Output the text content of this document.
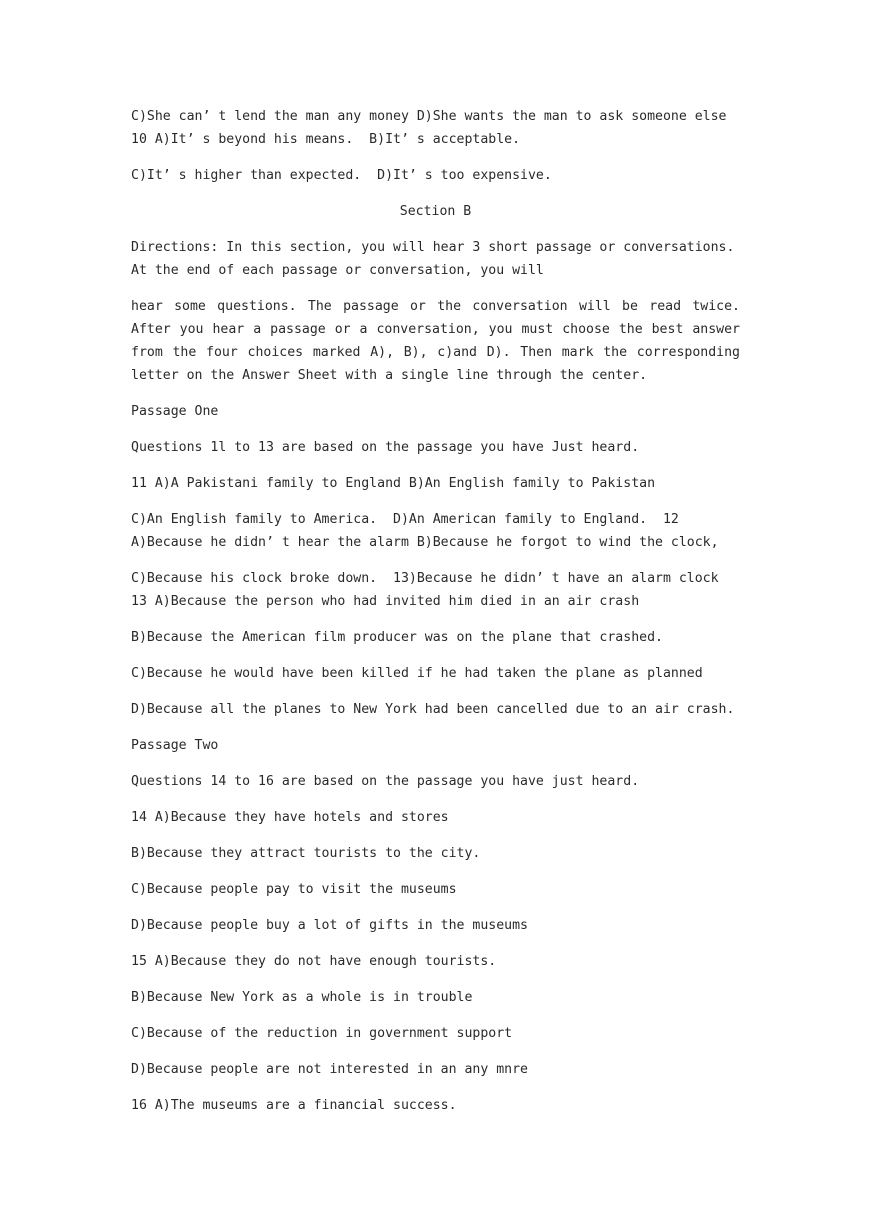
C)She can’ t lend the man any money D)She wants the man to ask someone else 10 A)It’ s beyond his means.  B)It’ s acceptable.

C)It’ s higher than expected.  D)It’ s too expensive.

Section B

Directions: In this section, you will hear 3 short passage or conversations. At the end of each passage or conversation, you will

hear some questions. The passage or the conversation will be read twice. After you hear a passage or a conversation, you must choose the best answer from the four choices marked A), B), c)and D). Then mark the corresponding letter on the Answer Sheet with a single line through the center.

Passage One

Questions 1l to 13 are based on the passage you have Just heard.

11 A)A Pakistani family to England B)An English family to Pakistan

C)An English family to America.  D)An American family to England.  12 A)Because he didn’ t hear the alarm B)Because he forgot to wind the clock,

C)Because his clock broke down.  13)Because he didn’ t have an alarm clock 13 A)Because the person who had invited him died in an air crash

B)Because the American film producer was on the plane that crashed.

C)Because he would have been killed if he had taken the plane as planned

D)Because all the planes to New York had been cancelled due to an air crash.

Passage Two

Questions 14 to 16 are based on the passage you have just heard.

14 A)Because they have hotels and stores

B)Because they attract tourists to the city.

C)Because people pay to visit the museums

D)Because people buy a lot of gifts in the museums

15 A)Because they do not have enough tourists.

B)Because New York as a whole is in trouble

C)Because of the reduction in government support

D)Because people are not interested in an any mnre

16 A)The museums are a financial success.
